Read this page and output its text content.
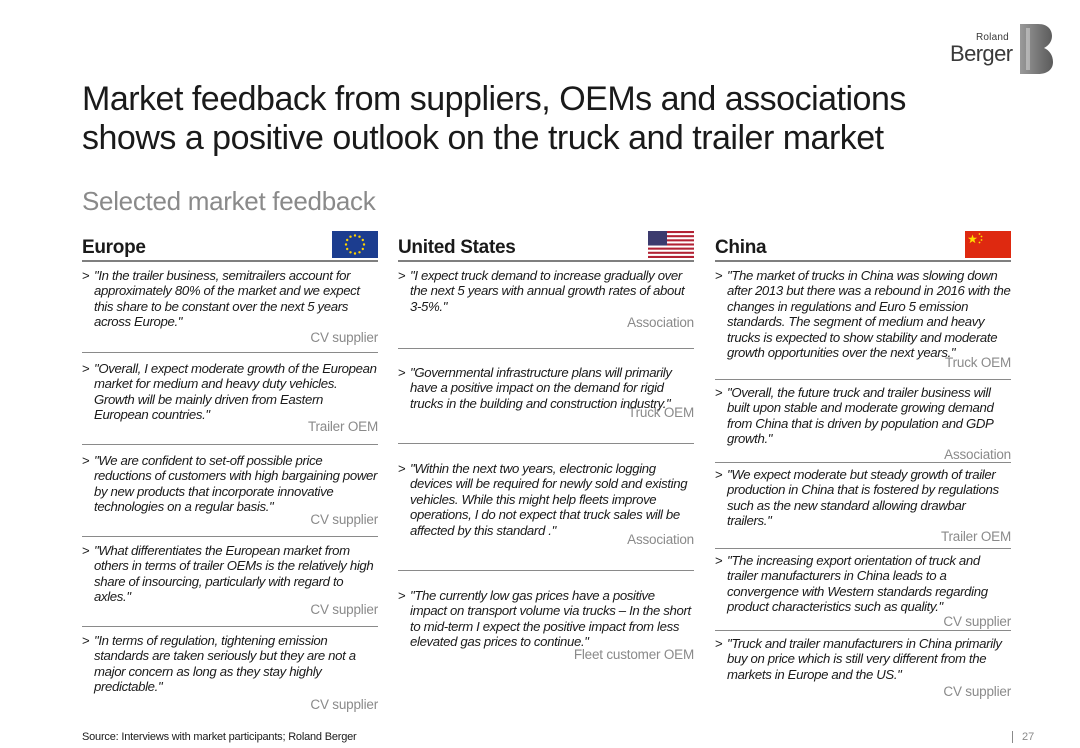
Roland
Berger
Market feedback from suppliers, OEMs and associations shows a positive outlook on the truck and trailer market
Selected market feedback
Europe
> "In the trailer business, semitrailers account for approximately 80% of the market and we expect this share to be constant over the next 5 years across Europe."
CV supplier
> "Overall, I expect moderate growth of the European market for medium and heavy duty vehicles. Growth will be mainly driven from Eastern European countries."
Trailer OEM
> "We are confident to set-off possible price reductions of customers with high bargaining power by new products that incorporate innovative technologies on a regular basis."
CV supplier
> "What differentiates the European market from others in terms of trailer OEMs is the relatively high share of insourcing, particularly with regard to axles."
CV supplier
> "In terms of regulation, tightening emission standards are taken seriously but they are not a major concern as long as they stay highly predictable."
CV supplier
United States
> "I expect truck demand to increase gradually over the next 5 years with annual growth rates of about 3-5%."
Association
> "Governmental infrastructure plans will primarily have a positive impact on the demand for rigid trucks in the building and construction industry."
Truck OEM
> "Within the next two years, electronic logging devices will be required for newly sold and existing vehicles. While this might help fleets improve operations, I do not expect that truck sales will be affected by this standard ."
Association
> "The currently low gas prices have a positive impact on transport volume via trucks – In the short to mid-term I expect the positive impact from less elevated gas prices to continue."
Fleet customer OEM
China
> "The market of trucks in China was slowing down after 2013 but there was a rebound in 2016 with the changes in regulations and Euro 5 emission standards. The segment of medium and heavy trucks is expected to show stability and moderate growth opportunities over the next years."
Truck OEM
> "Overall, the future truck and trailer business will built upon stable and moderate growing demand from China that is driven by population and GDP growth."
Association
> "We expect moderate but steady growth of trailer production in China that is fostered by regulations such as the new standard allowing drawbar trailers."
Trailer OEM
> "The increasing export orientation of truck and trailer manufacturers in China leads to a convergence with Western standards regarding product characteristics such as quality."
CV supplier
> "Truck and trailer manufacturers in China primarily buy on price which is still very different from the markets in Europe and the US."
CV supplier
Source: Interviews with market participants; Roland Berger	27
